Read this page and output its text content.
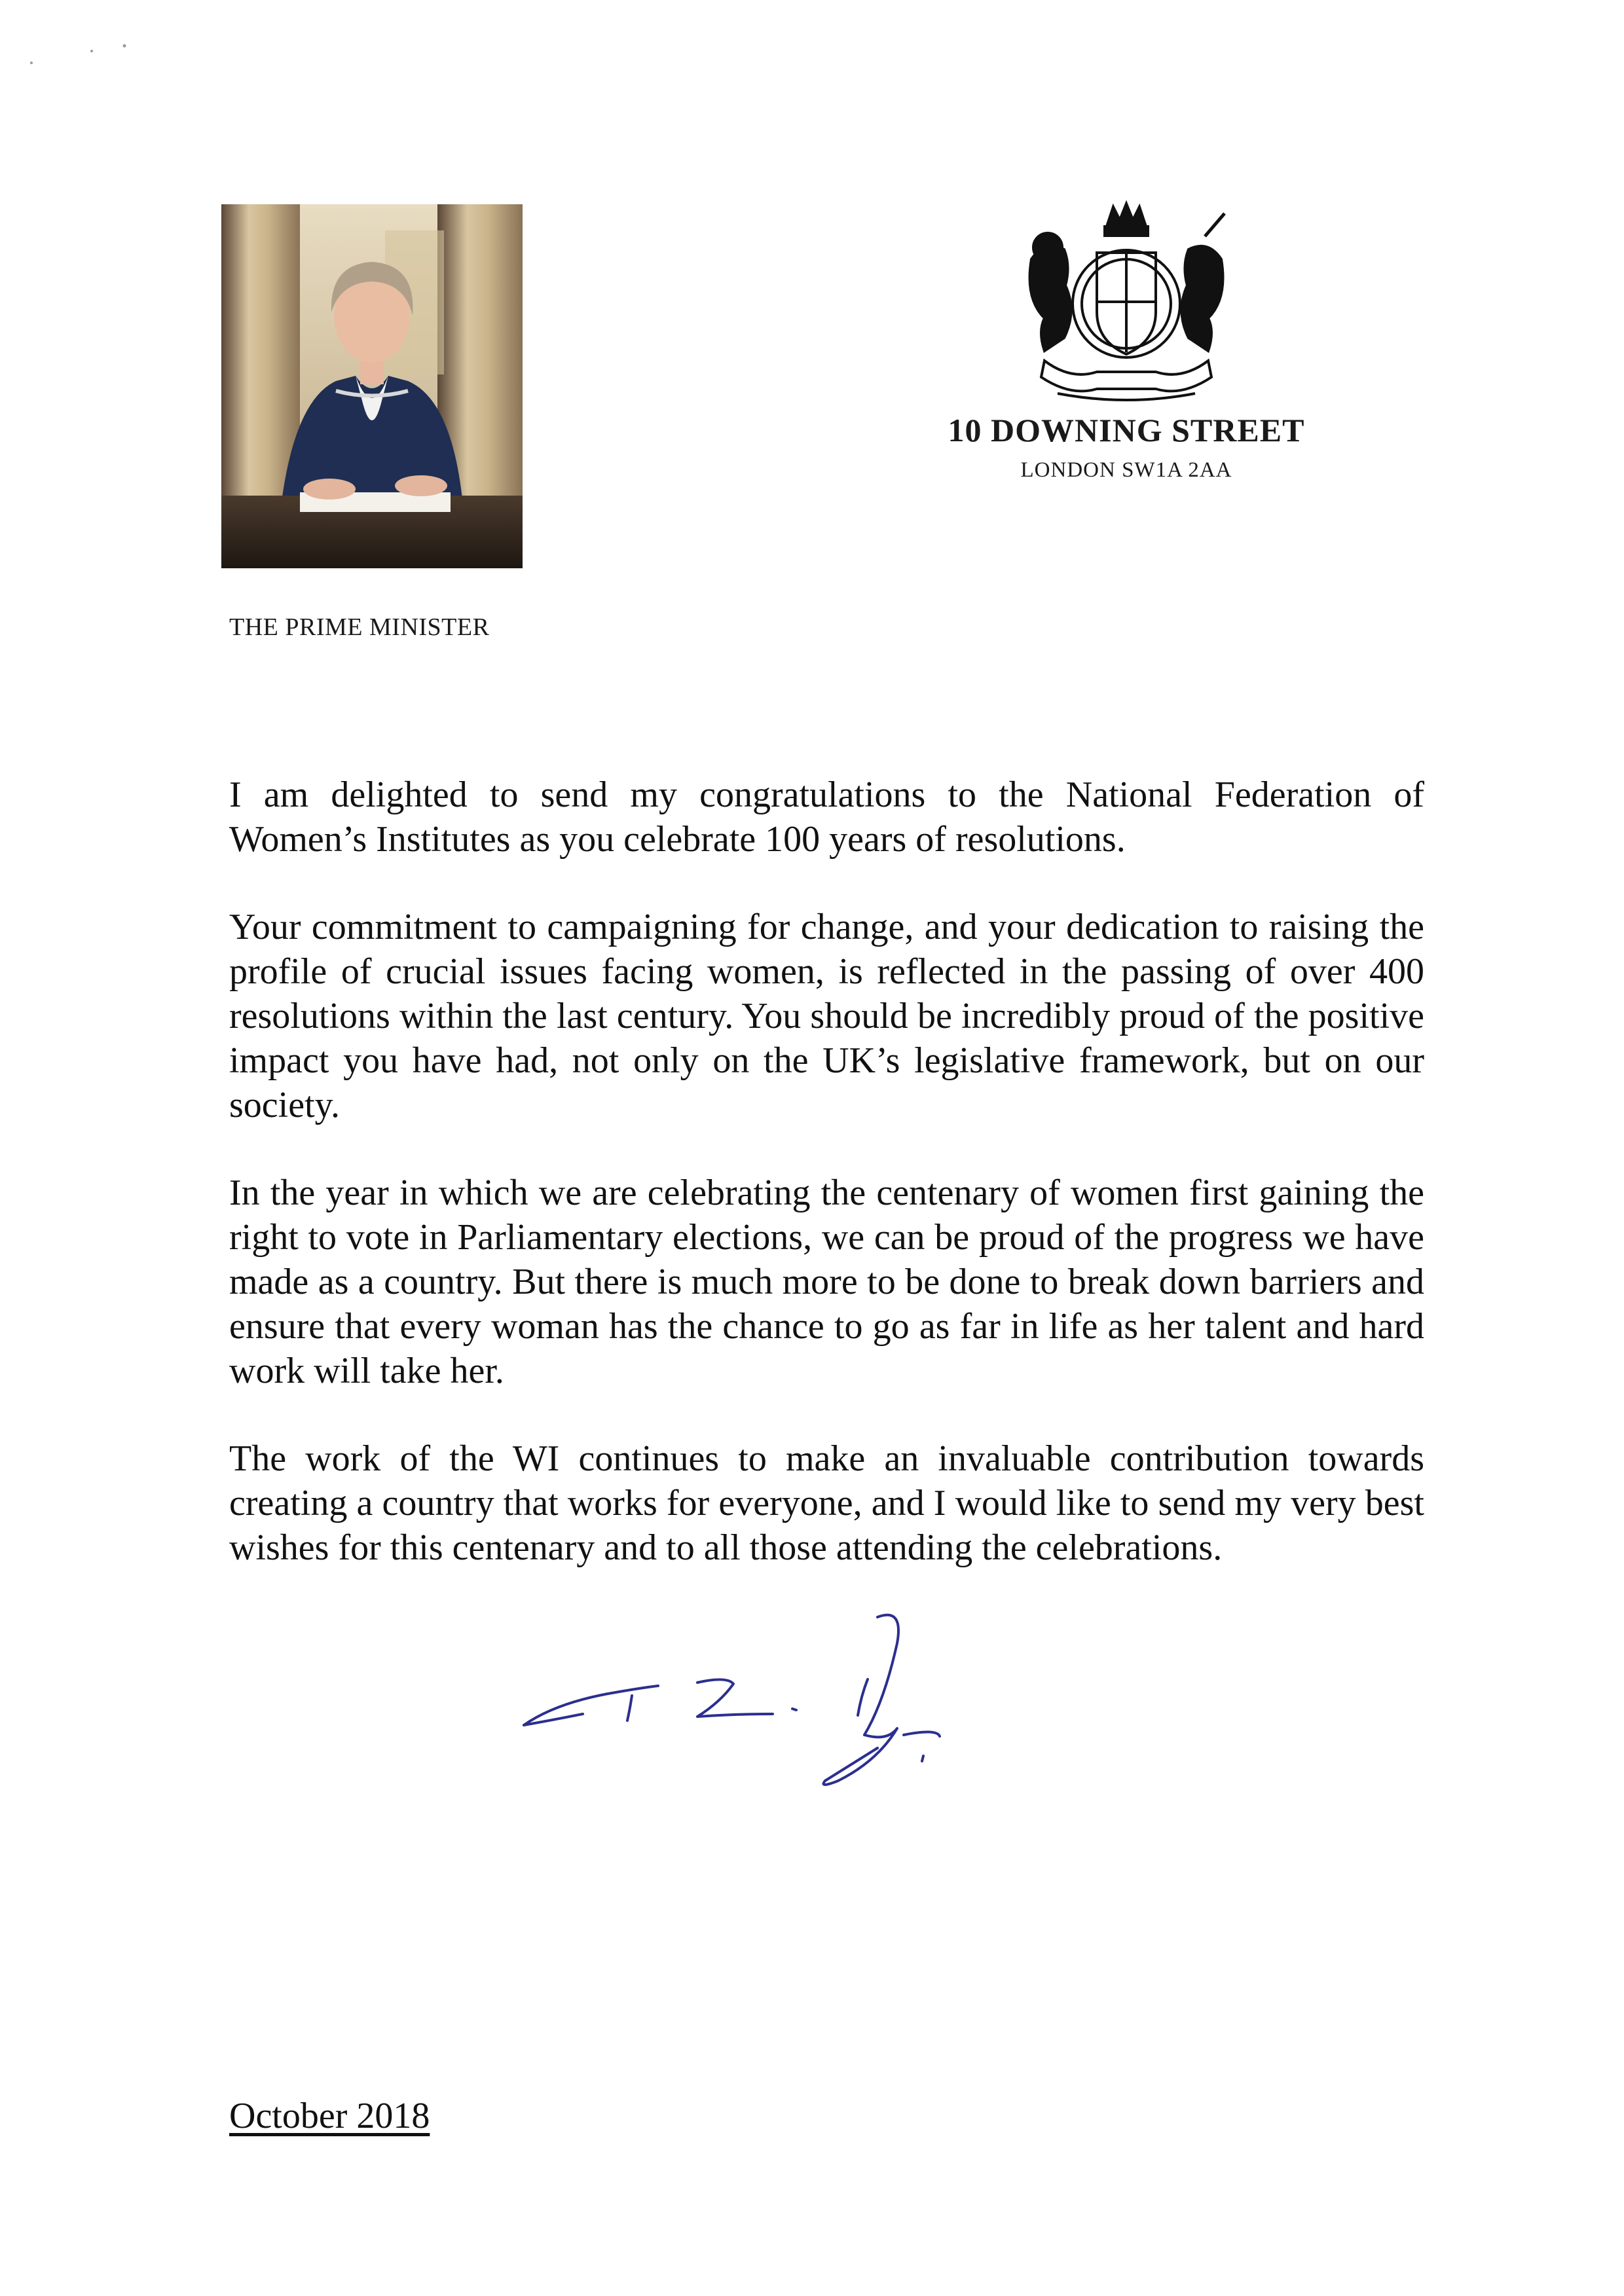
10 DOWNING STREET
LONDON SW1A 2AA
THE PRIME MINISTER

I am delighted to send my congratulations to the National Federation of Women’s Institutes as you celebrate 100 years of resolutions.

Your commitment to campaigning for change, and your dedication to raising the profile of crucial issues facing women, is reflected in the passing of over 400 resolutions within the last century. You should be incredibly proud of the positive impact you have had, not only on the UK’s legislative framework, but on our society.

In the year in which we are celebrating the centenary of women first gaining the right to vote in Parliamentary elections, we can be proud of the progress we have made as a country. But there is much more to be done to break down barriers and ensure that every woman has the chance to go as far in life as her talent and hard work will take her.

The work of the WI continues to make an invaluable contribution towards creating a country that works for everyone, and I would like to send my very best wishes for this centenary and to all those attending the celebrations.

October 2018
